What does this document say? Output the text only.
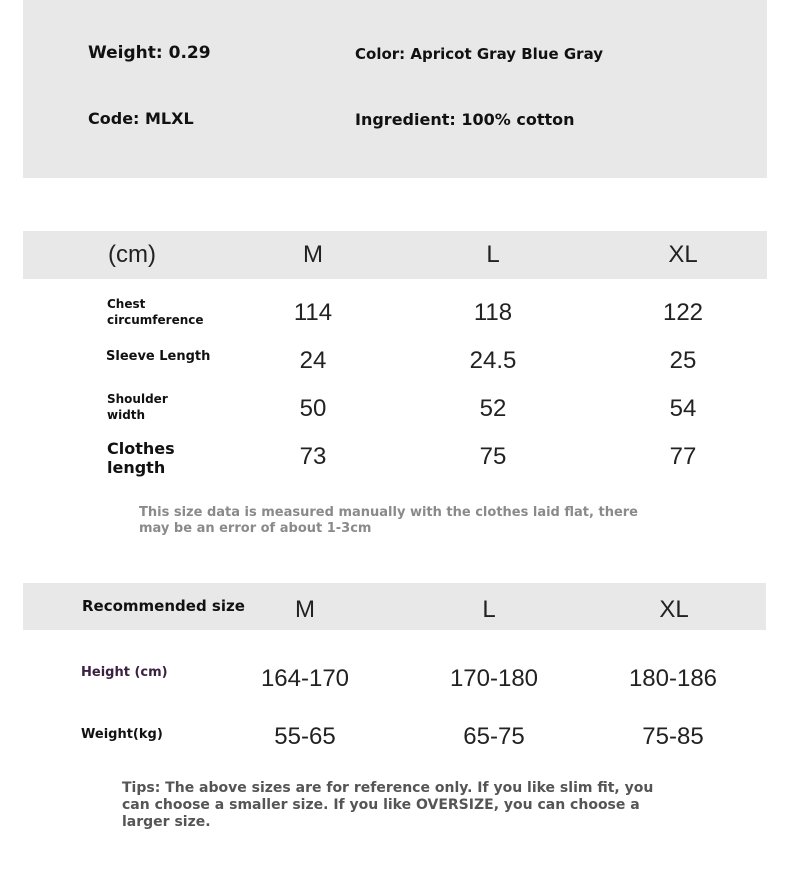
Weight: 0.29	Color: Apricot Gray Blue Gray
Code: MLXL	Ingredient: 100% cotton
(cm)	M	L	XL
Chest circumference	114	118	122
Sleeve Length	24	24.5	25
Shoulder width	50	52	54
Clothes length	73	75	77
This size data is measured manually with the clothes laid flat, there may be an error of about 1-3cm
Recommended size	M	L	XL
Height (cm)	164-170	170-180	180-186
Weight(kg)	55-65	65-75	75-85
Tips: The above sizes are for reference only. If you like slim fit, you can choose a smaller size. If you like OVERSIZE, you can choose a larger size.
